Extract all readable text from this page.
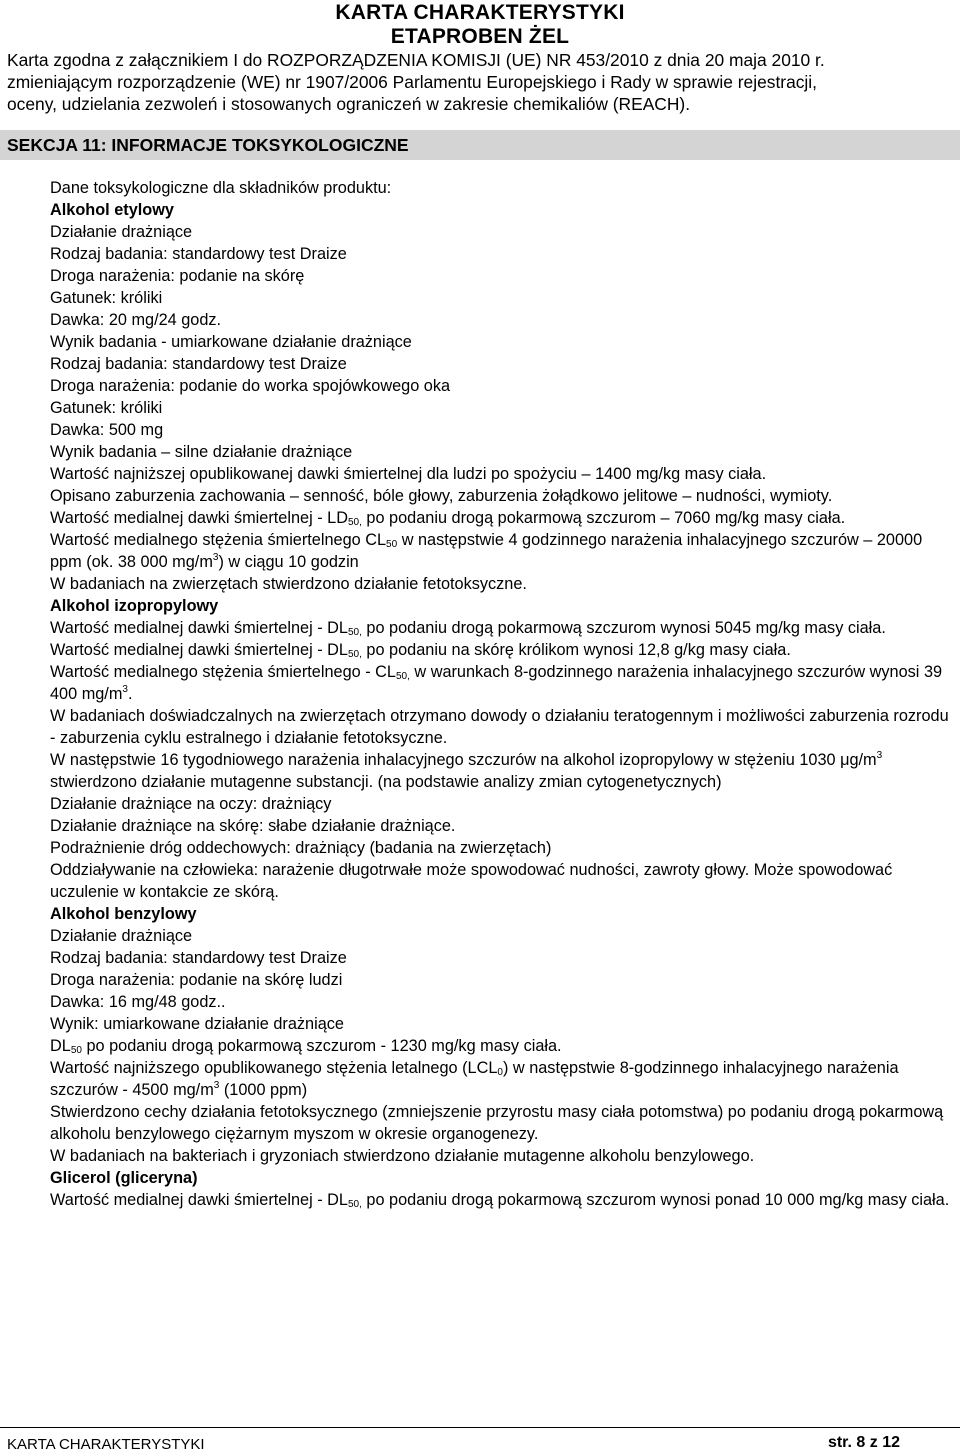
KARTA CHARAKTERYSTYKI
ETAPROBEN ŻEL
Karta zgodna z załącznikiem I do ROZPORZĄDZENIA KOMISJI (UE) NR 453/2010 z dnia 20 maja 2010 r.
zmieniającym rozporządzenie (WE) nr 1907/2006 Parlamentu Europejskiego i Rady w sprawie rejestracji,
oceny, udzielania zezwoleń i stosowanych ograniczeń w zakresie chemikaliów (REACH).
SEKCJA 11: INFORMACJE TOKSYKOLOGICZNE

Dane toksykologiczne dla składników produktu:

Alkohol etylowy

Działanie drażniące

Rodzaj badania: standardowy test Draize

Droga narażenia: podanie na skórę

Gatunek: króliki

Dawka: 20 mg/24 godz.

Wynik badania - umiarkowane działanie drażniące

Rodzaj badania: standardowy test Draize

Droga narażenia: podanie do worka spojówkowego oka

Gatunek: króliki

Dawka: 500 mg

Wynik badania – silne działanie drażniące

Wartość najniższej opublikowanej dawki śmiertelnej dla ludzi po spożyciu – 1400 mg/kg masy ciała.

Opisano zaburzenia zachowania – senność, bóle głowy, zaburzenia żołądkowo jelitowe – nudności, wymioty.

Wartość medialnej dawki śmiertelnej - $LD_{50,}$ po podaniu drogą pokarmową szczurom – 7060 mg/kg masy ciała.

Wartość medialnego stężenia śmiertelnego $CL_{50}$ w następstwie 4 godzinnego narażenia inhalacyjnego szczurów – 20000 ppm (ok. 38 000 $mg/m^3$) w ciągu 10 godzin

W badaniach na zwierzętach stwierdzono działanie fetotoksyczne.

Alkohol izopropylowy

Wartość medialnej dawki śmiertelnej - $DL_{50,}$ po podaniu drogą pokarmową szczurom wynosi 5045 mg/kg masy ciała.

Wartość medialnej dawki śmiertelnej - $DL_{50,}$ po podaniu na skórę królikom wynosi 12,8 g/kg masy ciała.

Wartość medialnego stężenia śmiertelnego - $CL_{50,}$ w warunkach 8-godzinnego narażenia inhalacyjnego szczurów wynosi 39 400 $mg/m^3$.

W badaniach doświadczalnych na zwierzętach otrzymano dowody o działaniu teratogennym i możliwości zaburzenia rozrodu - zaburzenia cyklu estralnego i działanie fetotoksyczne.

W następstwie 16 tygodniowego narażenia inhalacyjnego szczurów na alkohol izopropylowy w stężeniu 1030 $\mu g/m^3$ stwierdzono działanie mutagenne substancji. (na podstawie analizy zmian cytogenetycznych)

Działanie drażniące na oczy: drażniący

Działanie drażniące na skórę: słabe działanie drażniące.

Podrażnienie dróg oddechowych: drażniący (badania na zwierzętach)

Oddziaływanie na człowieka: narażenie długotrwałe może spowodować nudności, zawroty głowy. Może spowodować uczulenie w kontakcie ze skórą.

Alkohol benzylowy

Działanie drażniące

Rodzaj badania: standardowy test Draize

Droga narażenia: podanie na skórę ludzi

Dawka: 16 mg/48 godz..

Wynik: umiarkowane działanie drażniące

$DL_{50}$ po podaniu drogą pokarmową szczurom - 1230 mg/kg masy ciała.

Wartość najniższego opublikowanego stężenia letalnego $(LCL_0)$ w następstwie 8-godzinnego inhalacyjnego narażenia szczurów - 4500 $mg/m^3$ (1000 ppm)

Stwierdzono cechy działania fetotoksycznego (zmniejszenie przyrostu masy ciała potomstwa) po podaniu drogą pokarmową alkoholu benzylowego ciężarnym myszom w okresie organogenezy.

W badaniach na bakteriach i gryzoniach stwierdzono działanie mutagenne alkoholu benzylowego.

Glicerol (gliceryna)

Wartość medialnej dawki śmiertelnej - $DL_{50,}$ po podaniu drogą pokarmową szczurom wynosi ponad 10 000 mg/kg masy ciała.

KARTA CHARAKTERYSTYKI	str. 8 z 12
